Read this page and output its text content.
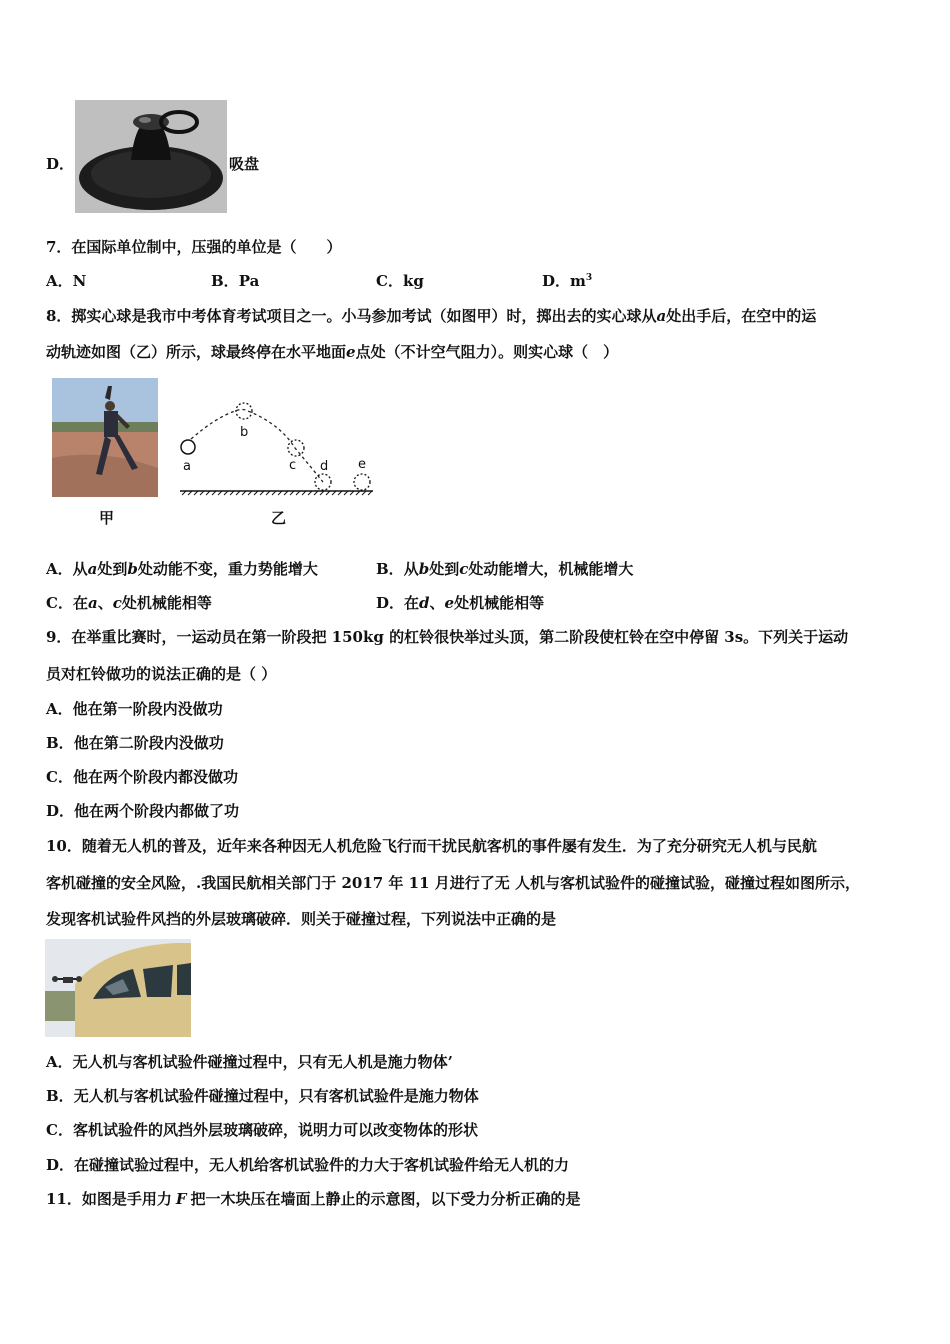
D．	吸盘
7．在国际单位制中，压强的单位是（　　）
A．N	B．Pa	C．kg	D．$m^3$
8．掷实心球是我市中考体育考试项目之一。小马参加考试（如图甲）时，掷出去的实心球从a处出手后，在空中的运
动轨迹如图（乙）所示，球最终停在水平地面e点处（不计空气阻力）。则实心球（　）
甲
a
b
c d e
乙
A．从a处到b处动能不变，重力势能增大	B．从b处到c处动能增大，机械能增大
C．在a、c处机械能相等	D．在d、e处机械能相等
9．在举重比赛时，一运动员在第一阶段把 150kg 的杠铃很快举过头顶，第二阶段使杠铃在空中停留 3s。下列关于运动
员对杠铃做功的说法正确的是（ ）
A．他在第一阶段内没做功
B．他在第二阶段内没做功
C．他在两个阶段内都没做功
D．他在两个阶段内都做了功
10．随着无人机的普及，近年来各种因无人机危险飞行而干扰民航客机的事件屡有发生．为了充分研究无人机与民航
客机碰撞的安全风险，.我国民航相关部门于 2017 年 11 月进行了无 人机与客机试验件的碰撞试验，碰撞过程如图所示，
发现客机试验件风挡的外层玻璃破碎．则关于碰撞过程，下列说法中正确的是
A．无人机与客机试验件碰撞过程中，只有无人机是施力物体’
B．无人机与客机试验件碰撞过程中，只有客机试验件是施力物体
C．客机试验件的风挡外层玻璃破碎，说明力可以改变物体的形状
D．在碰撞试验过程中，无人机给客机试验件的力大于客机试验件给无人机的力
11．如图是手用力 F 把一木块压在墙面上静止的示意图，以下受力分析正确的是
